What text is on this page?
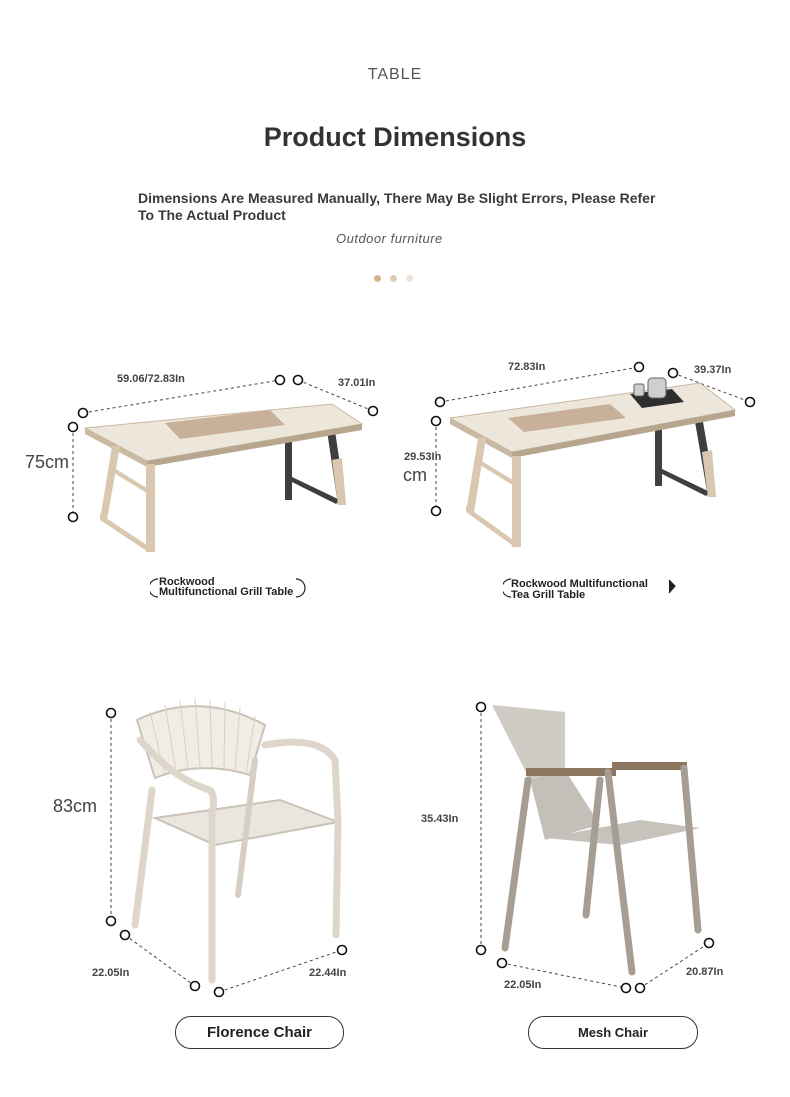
TABLE
Product Dimensions
Dimensions Are Measured Manually, There May Be Slight Errors, Please Refer To The Actual Product
Outdoor furniture
59.06/72.83In	37.01In
75cm
Rockwood
Multifunctional Grill Table
72.83In	39.37In
29.53In
cm
Rockwood Multifunctional
Tea Grill Table
83cm
22.05In	22.44In
Florence Chair
35.43In
22.05In
20.87In
Mesh Chair
